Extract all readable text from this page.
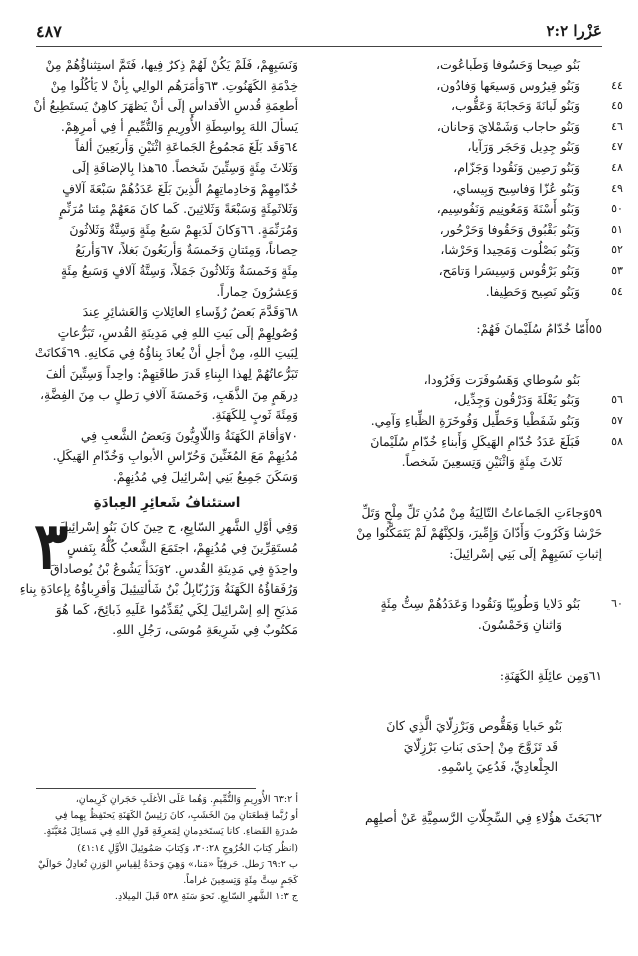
٤٨٧	عَزْرا ٢:٢
بَنُو صِيحا وَحَسُوفا وَطَباعُوت،
٤٤
وَبَنُو قِيرُوس وَسيعَها وَفادُون،
٤٥
وَبَنُو لَبانَةَ وَحَجابَةَ وَعَقُّوب،
٤٦
وَبَنُو حاجاب وَشَمْلايَ وَحانان،
٤٧
وَبَنُو جِدِيل وَحَجَر وَرَآيا،
٤٨
وَبَنُو رَصِين وَنَقُودا وَجَزّام،
٤٩
وَبَنُو عُزّا وَفاسِيح وَبِيساي،
٥٠
وَبَنُو أَسْنَةَ وَمَعُونِيم وَنَفُوسِيم،
٥١
وَبَنُو بَقْبُوق وَحَقُوفا وَحَرْحُور،
٥٢
وَبَنُو بَصْلُوت وَمَحِيدا وَحَرْشا،
٥٣
وَبَنُو بَرْقُوس وَسِيسَرا وَتامَح،
٥٤
وَبَنُو نَصِيح وَحَطِيفا.
٥٥أَمّا خُدّامُ سُلَيْمانَ فَهُمْ:
بَنُو سُوطاي وَهَسُوفَرَت وَفَرُودا،
٥٦
وَبَنُو يَعْلَةَ وَدَرْقُون وَجِدِّيل،
٥٧
وَبَنُو شَفَطْيا وَحَطِّيل وَفُوخَرَةِ الظِّباءِ وَآمِي.
٥٨
فَبَلَغَ عَدَدُ خُدّامِ الهَيكَلِ وَأَبناءِ خُدّامِ سُلَيْمانَ
ثَلاثَ مِئَةٍ وَاثْنَيْنِ وَتِسعِينَ شَخصاً.
٥٩وَجاءَتِ الجَماعاتُ التّالِيَةُ مِنْ مُدُنِ تَلِّ مِلْحٍ وَتَلِّ
حَرْشا وَكَرُوبَ وَأَدّانَ وَإِمِّيرَ، وَلكِنَّهُمْ لَمْ يَتَمَكَّنُوا مِنْ
إثباتِ نَسَبِهِمْ إلَى بَنِي إسْرائِيلَ:
٦٠
بَنُو دَلايا وَطُوبِيّا وَنَقُودا وَعَدَدُهُمْ سِتُّ مِئَةٍ
وَاثنانِ وَخَمْسُونَ.
٦١وَمِن عائِلَةِ الكَهَنَةِ:
بَنُو حَبايا وَهَقُّوص وَبَرْزِلّايَ الَّذِي كانَ
قَد تَزَوَّجَ مِنْ إحدَى بَناتِ بَرْزِلّايَ
الجِلْعادِيِّ، فَدُعِيَ بِاسْمِهِ.
٦٢بَحَثَ هؤُلاءِ فِي السِّجِلّاتِ الرَّسمِيَّةِ عَنْ أصلِهِم
وَنَسَبِهِمْ، فَلَمْ يَكُنْ لَهُمْ ذِكرٌ فِيها، فَتَمَّ استِثناؤُهُمْ مِنْ
خِدْمَةِ الكَهَنُوتِ. ٦٣وَأمَرَهُم الوالِي بِأنْ لا يَأكُلُوا مِنْ
أطعِمَةِ قُدسِ الأقداسِ إلَى أنْ يَظهَرَ كاهِنٌ يَستَطِيعُ أنْ
يَسألَ اللهَ بِواسِطَةِ الأُورِيمِ وَالتُّمِّيمِ أ فِي أمرِهِمْ.
٦٤وَقَد بَلَغَ مَجمُوعُ الجَماعَةِ اثْنَيْنِ وَأربَعِينَ ألفاً
وَثَلاثَ مِئَةٍ وَسِتِّينَ شَخصاً. ٦٥هذا بِالإضافَةِ إلَى
خُدّامِهِمْ وَخادِماتِهِمُ الَّذِينَ بَلَغَ عَدَدُهُمْ سَبْعَةَ آلافٍ
وَثَلاثَمِئَةٍ وَسَبْعَةً وَثَلاثِينَ. كَما كانَ مَعَهُمْ مِئتا مُرَنِّمٍ
وَمُرَنِّمَةٍ. ٦٦وَكانَ لَدَيهِمْ سَبعُ مِئَةٍ وَسِتَّةٌ وَثَلاثُونَ
حِصاناً، وَمِئتانِ وَخَمسَةٌ وَأربَعُونَ بَغلاً، ٦٧وَأربَعُ
مِئَةٍ وَخَمسَةٌ وَثَلاثُونَ جَمَلاً، وَسِتَّةُ آلافٍ وَسَبعُ مِئَةٍ
وَعِشرُونَ حِماراً.
٦٨وَقَدَّمَ بَعضُ رُؤَساءِ العائِلاتِ وَالعَشائِرِ عِندَ
وُصُولِهِمْ إلَى بَيتِ اللهِ فِي مَدِينَةِ القُدسِ، تَبَرُّعاتٍ
لِبَيتِ اللهِ، مِنْ أجلِ أنْ يُعادَ بِناؤُهُ فِي مَكانِهِ. ٦٩فَكانَتْ
تَبَرُّعاتُهُمْ لِهذا البِناءِ قَدرَ طاقَتِهِمْ: واحِداً وَسِتِّينَ ألفَ
دِرهَمٍ مِنَ الذَّهَبِ، وَخَمسَةَ آلافِ رَطلٍ ب مِنَ الفِضَّةِ،
وَمِئَةَ ثَوبٍ لِلكَهَنَةِ.
٧٠وَأقامَ الكَهَنَةُ وَاللّاوِيُّونَ وَبَعضُ الشَّعبِ فِي
مُدُنِهِمْ مَعَ المُغَنِّينَ وَحُرّاسِ الأبوابِ وَخُدّامِ الهَيكَلِ.
وَسَكَنَ جَمِيعُ بَنِي إسْرائِيلَ فِي مُدُنِهِمْ.
استئنافُ شَعائِرِ العِبادَةِ
٣
وَفِي أوَّلِ الشَّهرِ السّابِعِ، ج حِينَ كانَ بَنُو إسْرائِيلَ
مُستَقِرِّينَ فِي مُدُنِهِمْ، اجتَمَعَ الشَّعبُ كُلُّهُ بِنَفسٍ
واحِدَةٍ فِي مَدِينَةِ القُدسِ. ٢وَبَدَأ يَشُوعُ بْنُ يُوصاداقَ
وَرُفَقاؤُهُ الكَهَنَةُ وَزَرُبّابِلُ بْنُ شَألتِيئِيلَ وَأقرِباؤُهُ بِإعادَةِ بِناءِ
مَذبَحِ إلهِ إسْرائِيلَ لِكَي يُقَدِّمُوا عَلَيهِ ذَبائِحَ، كَما هُوَ
مَكتُوبٌ فِي شَرِيعَةِ مُوسَى، رَجُلِ اللهِ.
أ ٦٣:٢ الأُورِيمِ وَالتُّمِّيمِ. وَهُما عَلَى الأغلَبِ حَجَرانِ كَرِيمانِ،
أو رُبَّما قِطعَتانِ مِنَ الخَشَبِ، كانَ رَئِيسُ الكَهَنَةِ يَحتَفِظُ بِهِما فِي
صُدرَةِ القَضاءِ. كانا يَستَخدِمانِ لِمَعرِفَةِ قَولِ اللهِ فِي مَسائِلَ مُعَيَّنَةٍ.
(انظُر كِتابَ الخُرُوجِ ٣٠:٢٨، وَكِتابَ صَمُوئِيلَ الأوَّلِ ٤١:١٤)
ب ٦٩:٢ رَطل. حَرفِيّاً «مَنا،» وَهِيَ وَحدَةُ لِقِياسِ الوَزنِ تُعادِلُ حَوالَيْ
كَجَمٍ سِتَّ مِئَةٍ وَتِسعِينَ غراماً.
ج ١:٣ الشَّهرِ السّابِعِ. نَحوَ سَنَةِ ٥٣٨ قَبلَ المِيلادِ.
